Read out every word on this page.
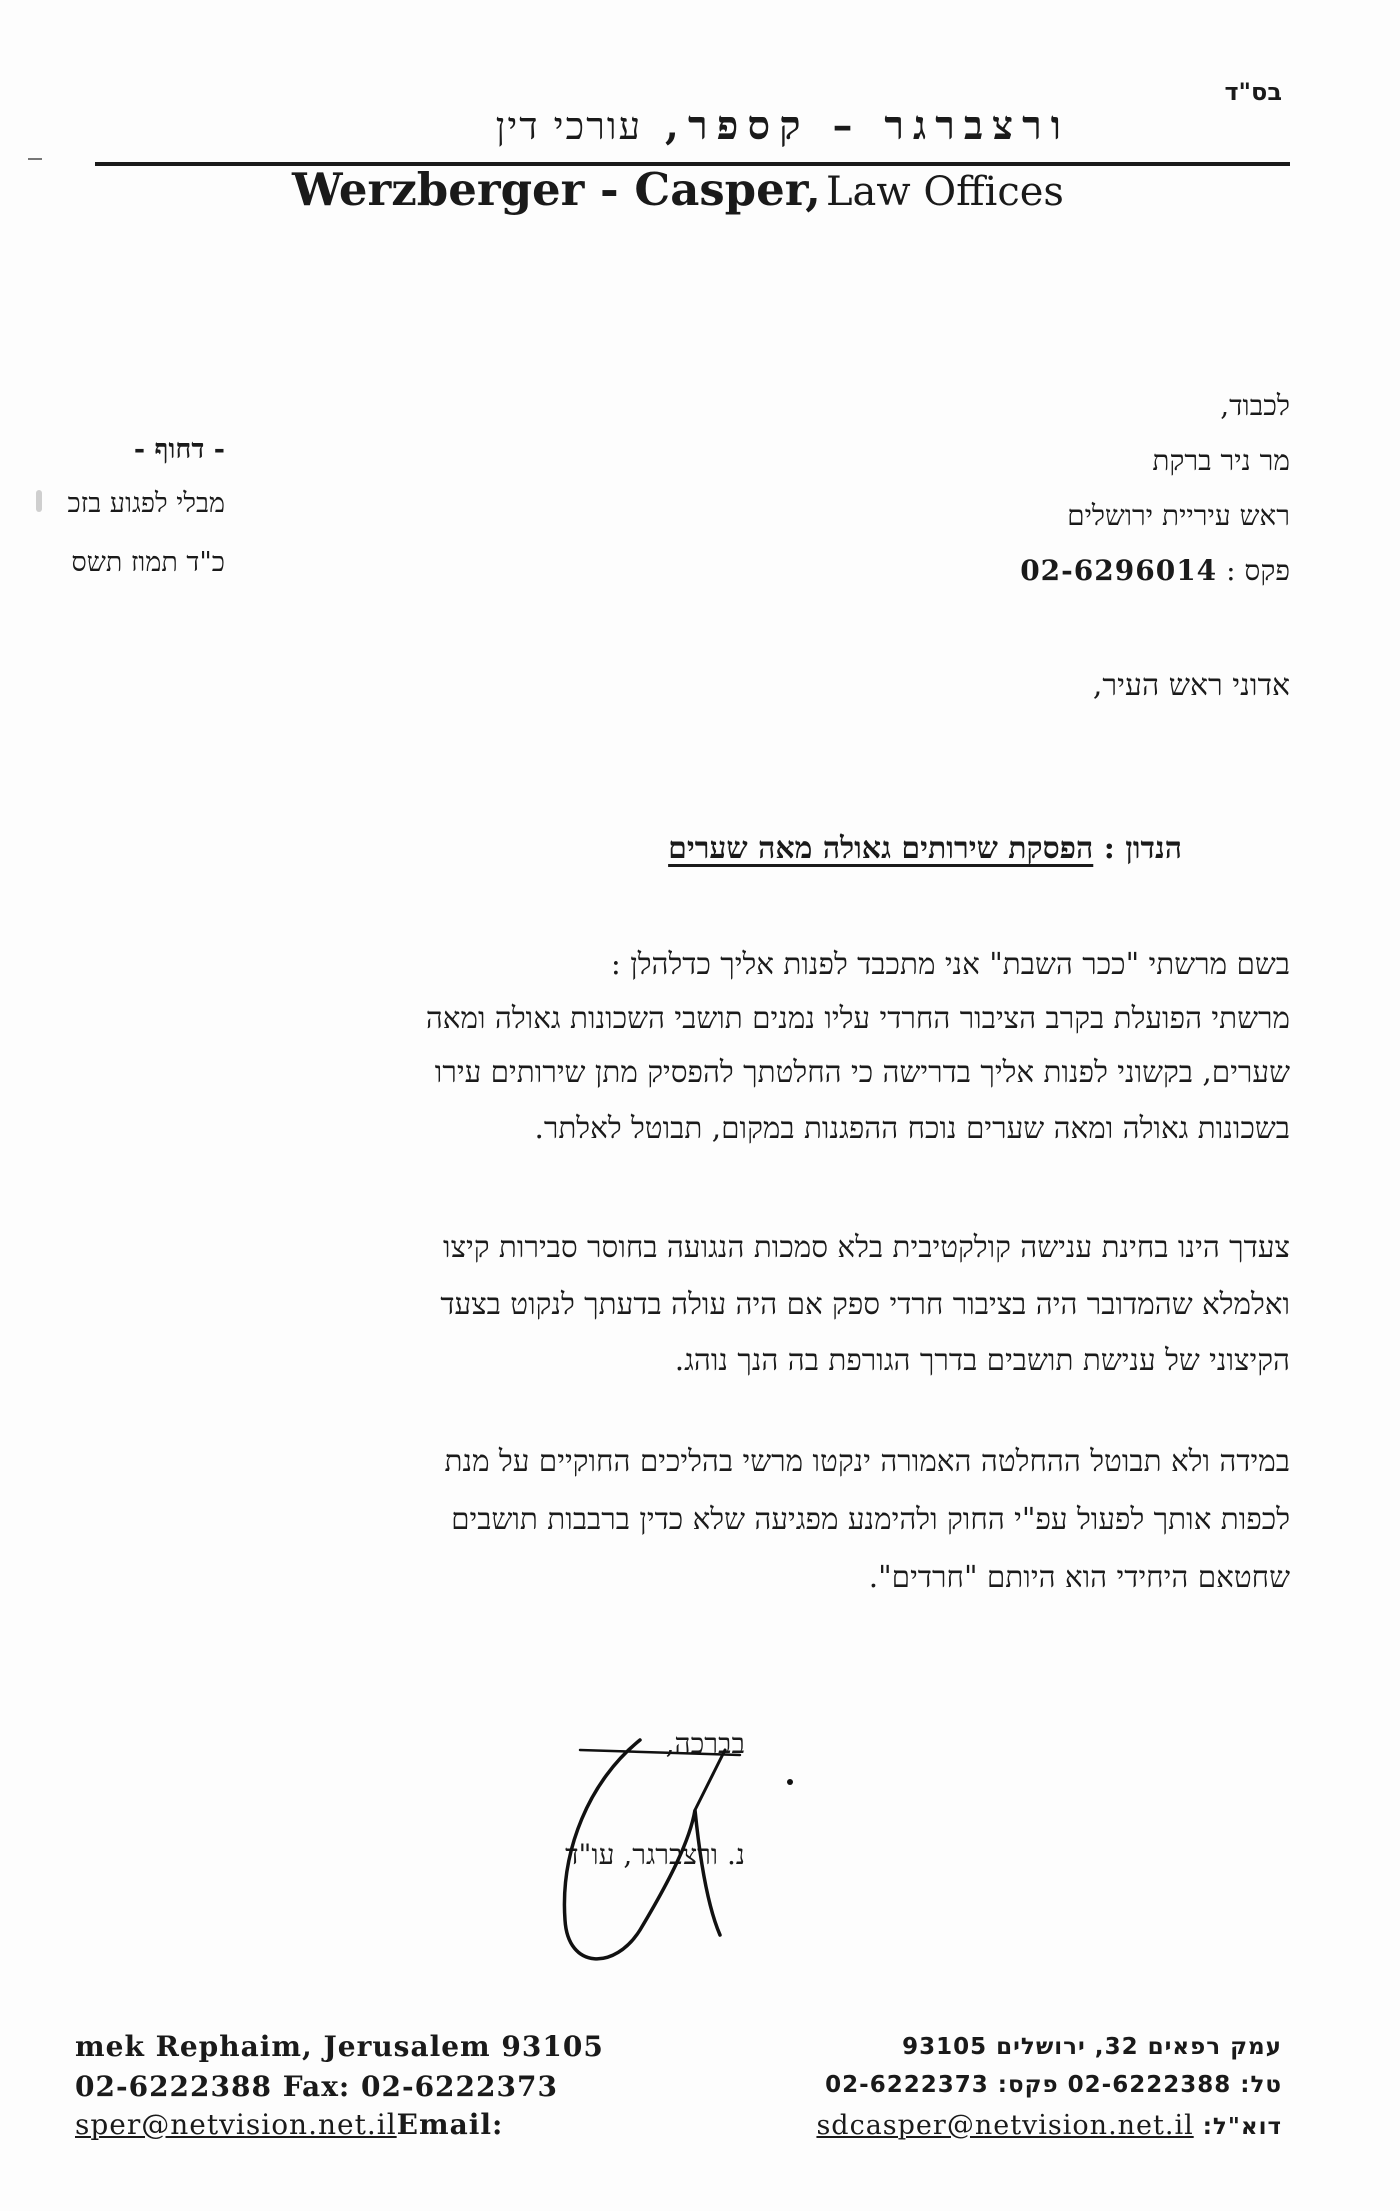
בס"ד
ורצברגר – קספר, עורכי דין
Werzberger - Casper, Law Offices
לכבוד,
מר ניר ברקת
ראש עיריית ירושלים
פקס : 02-6296014
- דחוף -
מבלי לפגוע בזכ
כ"ד תמוז תשס
אדוני ראש העיר,
הנדון : הפסקת שירותים גאולה מאה שערים
בשם מרשתי "ככר השבת" אני מתכבד לפנות אליך כדלהלן :
מרשתי הפועלת בקרב הציבור החרדי עליו נמנים תושבי השכונות גאולה ומאה
שערים, בקשוני לפנות אליך בדרישה כי החלטתך להפסיק מתן שירותים עירו
בשכונות גאולה ומאה שערים נוכח ההפגנות במקום, תבוטל לאלתר.
צעדך הינו בחינת ענישה קולקטיבית בלא סמכות הנגועה בחוסר סבירות קיצו
ואלמלא שהמדובר היה בציבור חרדי ספק אם היה עולה בדעתך לנקוט בצעד
הקיצוני של ענישת תושבים בדרך הגורפת בה הנך נוהג.
במידה ולא תבוטל ההחלטה האמורה ינקטו מרשי בהליכים החוקיים על מנת
לכפות אותך לפעול עפ"י החוק ולהימנע מפגיעה שלא כדין ברבבות תושבים
שחטאם היחידי הוא היותם "חרדים".
בברכה,
נ. ורצברגר, עו"ד
עמק רפאים 32, ירושלים 93105
טל: 02-6222388 פקס: 02-6222373
דוא"ל: sdcasper@netvision.net.il
mek Rephaim, Jerusalem 93105
02-6222388 Fax: 02-6222373
sper@netvision.net.ilEmail:
